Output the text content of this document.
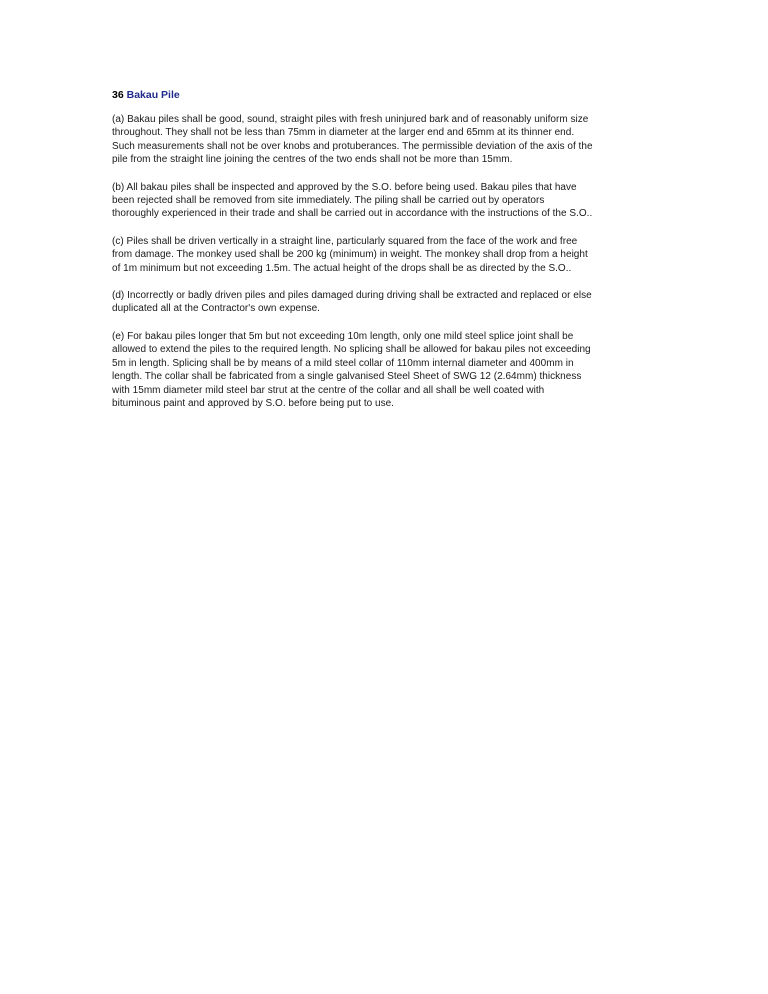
36 Bakau Pile

(a) Bakau piles shall be good, sound, straight piles with fresh uninjured bark and of reasonably uniform size
throughout. They shall not be less than 75mm in diameter at the larger end and 65mm at its thinner end.
Such measurements shall not be over knobs and protuberances. The permissible deviation of the axis of the
pile from the straight line joining the centres of the two ends shall not be more than 15mm.

(b) All bakau piles shall be inspected and approved by the S.O. before being used. Bakau piles that have
been rejected shall be removed from site immediately. The piling shall be carried out by operators
thoroughly experienced in their trade and shall be carried out in accordance with the instructions of the S.O..

(c) Piles shall be driven vertically in a straight line, particularly squared from the face of the work and free
from damage. The monkey used shall be 200 kg (minimum) in weight. The monkey shall drop from a height
of 1m minimum but not exceeding 1.5m. The actual height of the drops shall be as directed by the S.O..

(d) Incorrectly or badly driven piles and piles damaged during driving shall be extracted and replaced or else
duplicated all at the Contractor's own expense.

(e) For bakau piles longer that 5m but not exceeding 10m length, only one mild steel splice joint shall be
allowed to extend the piles to the required length. No splicing shall be allowed for bakau piles not exceeding
5m in length. Splicing shall be by means of a mild steel collar of 110mm internal diameter and 400mm in
length. The collar shall be fabricated from a single galvanised Steel Sheet of SWG 12 (2.64mm) thickness
with 15mm diameter mild steel bar strut at the centre of the collar and all shall be well coated with
bituminous paint and approved by S.O. before being put to use.
